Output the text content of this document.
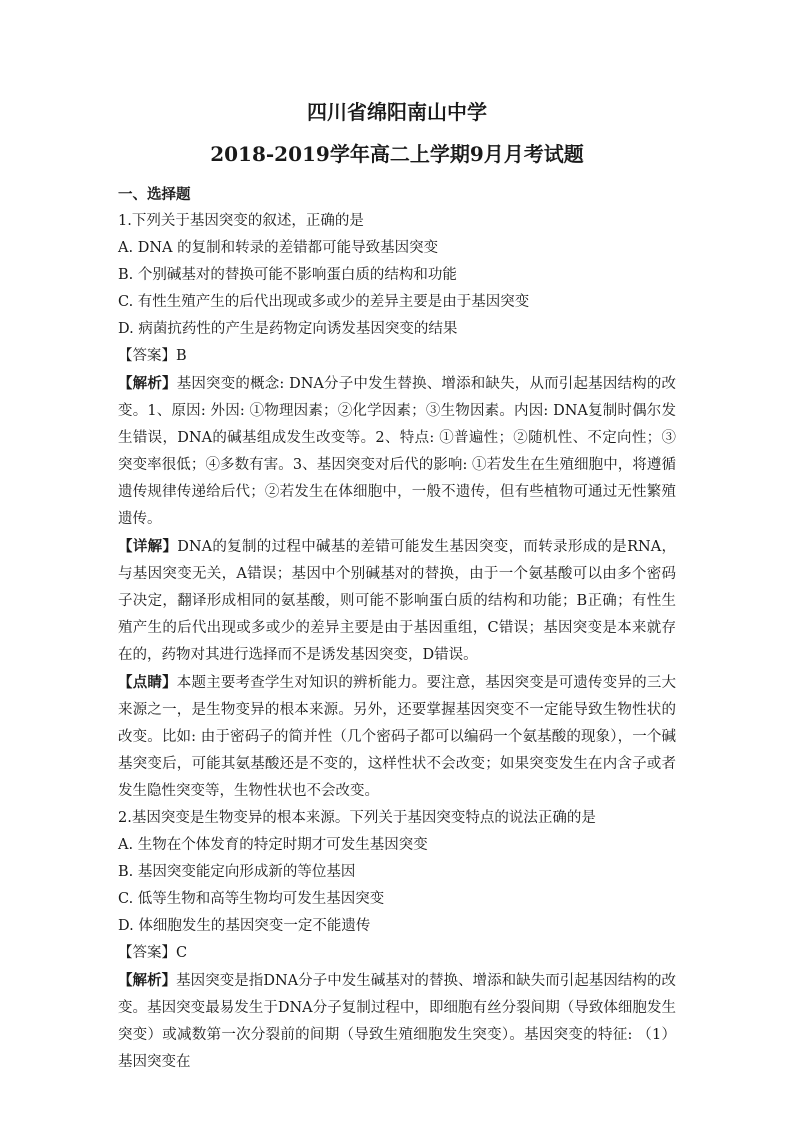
四川省绵阳南山中学
2018-2019学年高二上学期9月月考试题

一、选择题

1.下列关于基因突变的叙述，正确的是

A. DNA 的复制和转录的差错都可能导致基因突变

B. 个别碱基对的替换可能不影响蛋白质的结构和功能

C. 有性生殖产生的后代出现或多或少的差异主要是由于基因突变

D. 病菌抗药性的产生是药物定向诱发基因突变的结果

【答案】B

【解析】基因突变的概念: DNA分子中发生替换、增添和缺失，从而引起基因结构的改变。1、原因: 外因: ①物理因素；②化学因素；③生物因素。内因: DNA复制时偶尔发生错误，DNA的碱基组成发生改变等。2、特点: ①普遍性；②随机性、不定向性；③突变率很低；④多数有害。3、基因突变对后代的影响: ①若发生在生殖细胞中，将遵循遗传规律传递给后代；②若发生在体细胞中，一般不遗传，但有些植物可通过无性繁殖遗传。

【详解】DNA的复制的过程中碱基的差错可能发生基因突变，而转录形成的是RNA，与基因突变无关，A错误；基因中个别碱基对的替换，由于一个氨基酸可以由多个密码子决定，翻译形成相同的氨基酸，则可能不影响蛋白质的结构和功能；B正确；有性生殖产生的后代出现或多或少的差异主要是由于基因重组，C错误；基因突变是本来就存在的，药物对其进行选择而不是诱发基因突变，D错误。

【点睛】本题主要考查学生对知识的辨析能力。要注意，基因突变是可遗传变异的三大来源之一，是生物变异的根本来源。另外，还要掌握基因突变不一定能导致生物性状的改变。比如: 由于密码子的简并性（几个密码子都可以编码一个氨基酸的现象），一个碱基突变后，可能其氨基酸还是不变的，这样性状不会改变；如果突变发生在内含子或者发生隐性突变等，生物性状也不会改变。

2.基因突变是生物变异的根本来源。下列关于基因突变特点的说法正确的是

A. 生物在个体发育的特定时期才可发生基因突变

B. 基因突变能定向形成新的等位基因

C. 低等生物和高等生物均可发生基因突变

D. 体细胞发生的基因突变一定不能遗传

【答案】C

【解析】基因突变是指DNA分子中发生碱基对的替换、增添和缺失而引起基因结构的改变。基因突变最易发生于DNA分子复制过程中，即细胞有丝分裂间期（导致体细胞发生突变）或减数第一次分裂前的间期（导致生殖细胞发生突变）。基因突变的特征: （1）基因突变在
